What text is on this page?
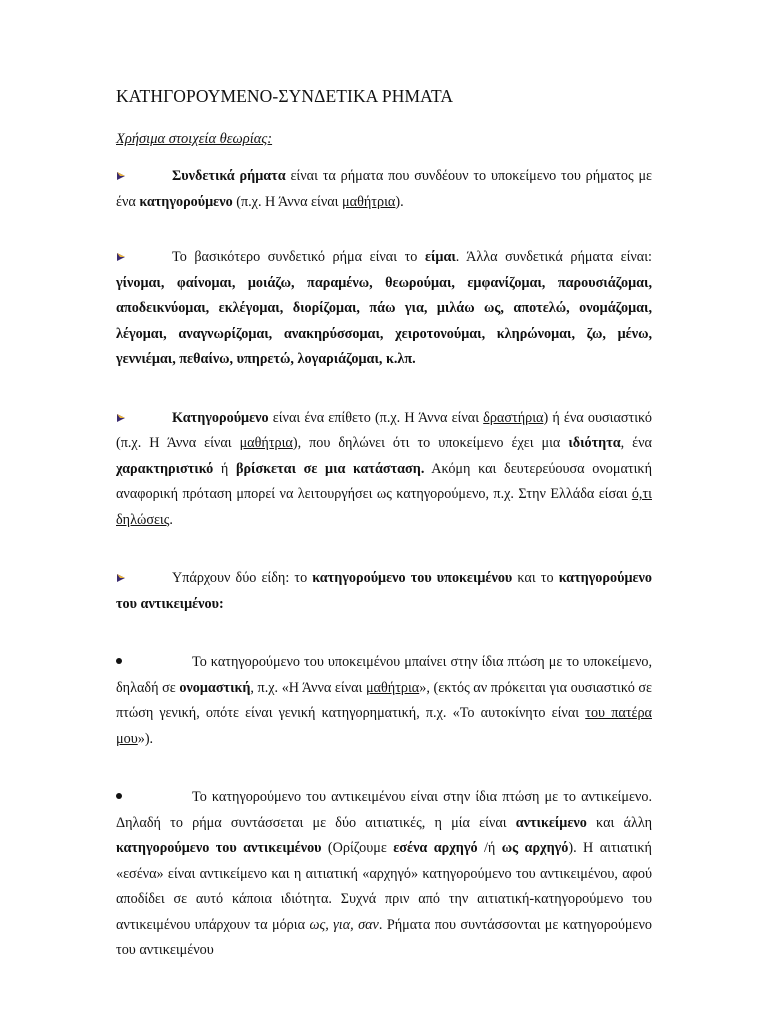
ΚΑΤΗΓΟΡΟΥΜΕΝΟ-ΣΥΝΔΕΤΙΚΑ ΡΗΜΑΤΑ
Χρήσιμα στοιχεία θεωρίας:

Συνδετικά ρήματα είναι τα ρήματα που συνδέουν το υποκείμενο του ρήματος με ένα κατηγορούμενο (π.χ. Η Άννα είναι μαθήτρια).

Το βασικότερο συνδετικό ρήμα είναι το είμαι. Άλλα συνδετικά ρήματα είναι: γίνομαι, φαίνομαι, μοιάζω, παραμένω, θεωρούμαι, εμφανίζομαι, παρουσιάζομαι, αποδεικνύομαι, εκλέγομαι, διορίζομαι, πάω για, μιλάω ως, αποτελώ, ονομάζομαι, λέγομαι, αναγνωρίζομαι, ανακηρύσσομαι, χειροτονούμαι, κληρώνομαι, ζω, μένω, γεννιέμαι, πεθαίνω, υπηρετώ, λογαριάζομαι, κ.λπ.

Κατηγορούμενο είναι ένα επίθετο (π.χ. Η Άννα είναι δραστήρια) ή ένα ουσιαστικό (π.χ. Η Άννα είναι μαθήτρια), που δηλώνει ότι το υποκείμενο έχει μια ιδιότητα, ένα χαρακτηριστικό ή βρίσκεται σε μια κατάσταση. Ακόμη και δευτερεύουσα ονοματική αναφορική πρόταση μπορεί να λειτουργήσει ως κατηγορούμενο, π.χ. Στην Ελλάδα είσαι ό,τι δηλώσεις.

Υπάρχουν δύο είδη: το κατηγορούμενο του υποκειμένου και το κατηγορούμενο του αντικειμένου:

Το κατηγορούμενο του υποκειμένου μπαίνει στην ίδια πτώση με το υποκείμενο, δηλαδή σε ονομαστική, π.χ. «Η Άννα είναι μαθήτρια», (εκτός αν πρόκειται για ουσιαστικό σε πτώση γενική, οπότε είναι γενική κατηγορηματική, π.χ. «Το αυτοκίνητο είναι του πατέρα μου»).

Το κατηγορούμενο του αντικειμένου είναι στην ίδια πτώση με το αντικείμενο. Δηλαδή το ρήμα συντάσσεται με δύο αιτιατικές, η μία είναι αντικείμενο και άλλη κατηγορούμενο του αντικειμένου (Ορίζουμε εσένα αρχηγό /ή ως αρχηγό). Η αιτιατική «εσένα» είναι αντικείμενο και η αιτιατική «αρχηγό» κατηγορούμενο του αντικειμένου, αφού αποδίδει σε αυτό κάποια ιδιότητα. Συχνά πριν από την αιτιατική-κατηγορούμενο του αντικειμένου υπάρχουν τα μόρια ως, για, σαν. Ρήματα που συντάσσονται με κατηγορούμενο του αντικειμένου
